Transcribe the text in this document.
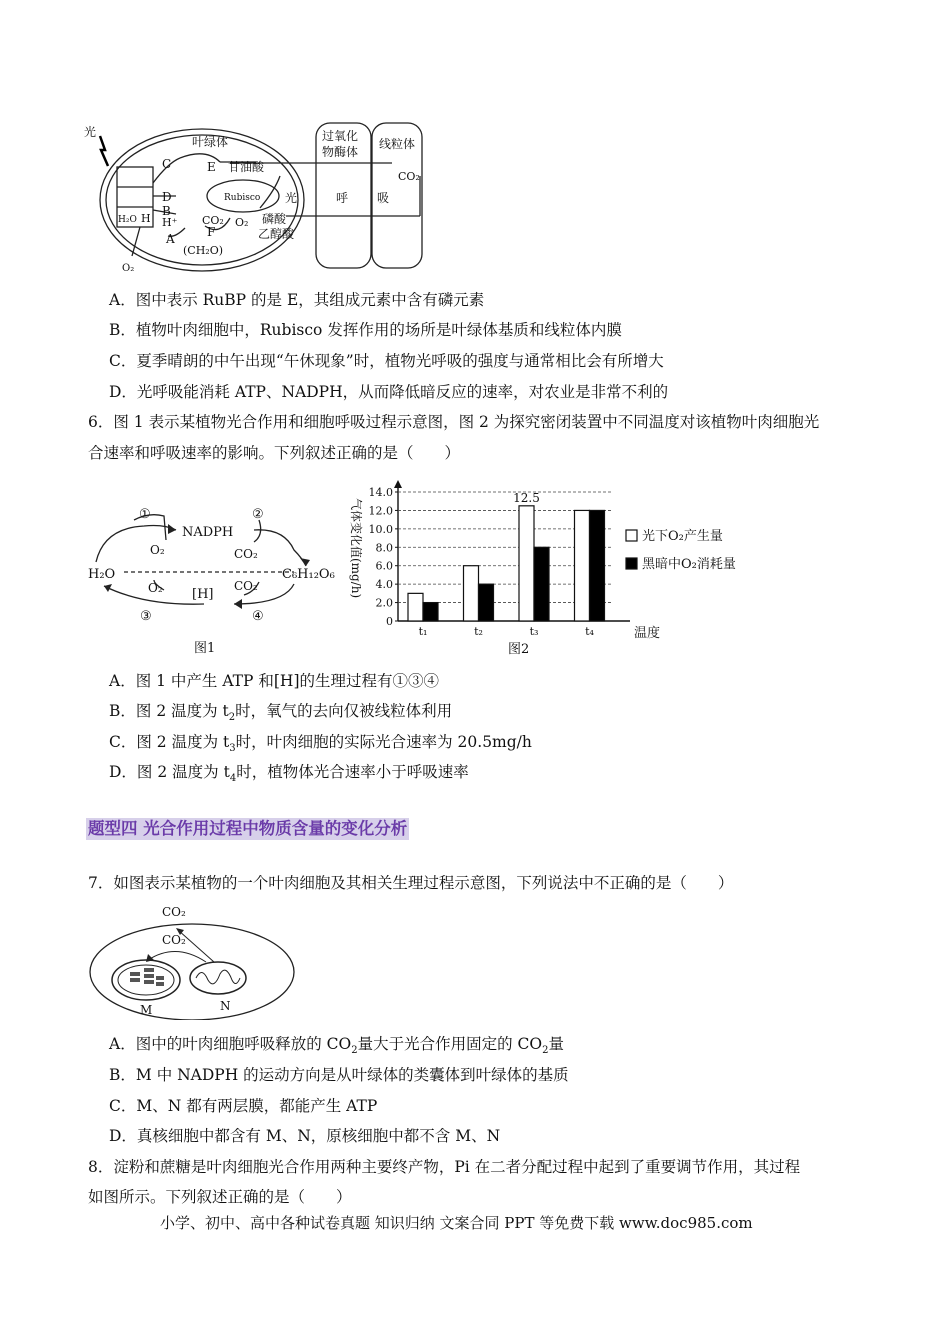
光
叶绿体	过氧化
物酶体
线粒体
C	E 甘油酸
D
B
H⁺
A
Rubisco 光
CO₂ O₂ 磷酸
乙醇酸
F
(CH₂O)
H₂O H
O₂
呼 吸
CO₂
A．图中表示 RuBP 的是 E，其组成元素中含有磷元素
B．植物叶肉细胞中，Rubisco 发挥作用的场所是叶绿体基质和线粒体内膜
C．夏季晴朗的中午出现“午休现象”时，植物光呼吸的强度与通常相比会有所增大
D．光呼吸能消耗 ATP、NADPH，从而降低暗反应的速率，对农业是非常不利的
6．图 1 表示某植物光合作用和细胞呼吸过程示意图，图 2 为探究密闭装置中不同温度对该植物叶肉细胞光
合速率和呼吸速率的影响。下列叙述正确的是（　　）
①
NADPH
②
O₂	CO₂
H₂O	C₆H₁₂O₆
O₂	CO₂
[H]
③	④
图1
0
2.0
4.0
6.0
8.0
10.0
12.0
14.0
t₁	t₂	t₃	t₄
12.5
温度
气体变化值(mg/h)	光下O₂产生量
黑暗中O₂消耗量
图2
A．图 1 中产生 ATP 和[H]的生理过程有①③④
B．图 2 温度为 $t_2$时，氧气的去向仅被线粒体利用
C．图 2 温度为 $t_3$时，叶肉细胞的实际光合速率为 20.5mg/h
D．图 2 温度为 $t_4$时，植物体光合速率小于呼吸速率
题型四 光合作用过程中物质含量的变化分析
7．如图表示某植物的一个叶肉细胞及其相关生理过程示意图，下列说法中不正确的是（　　）
CO₂
CO₂
M	N
A．图中的叶肉细胞呼吸释放的 $CO_2$量大于光合作用固定的 $CO_2$量
B．M 中 NADPH 的运动方向是从叶绿体的类囊体到叶绿体的基质
C．M、N 都有两层膜，都能产生 ATP
D．真核细胞中都含有 M、N，原核细胞中都不含 M、N
8．淀粉和蔗糖是叶肉细胞光合作用两种主要终产物，Pi 在二者分配过程中起到了重要调节作用，其过程
如图所示。下列叙述正确的是（　　）
小学、初中、高中各种试卷真题 知识归纳 文案合同 PPT 等免费下载 www.doc985.com
